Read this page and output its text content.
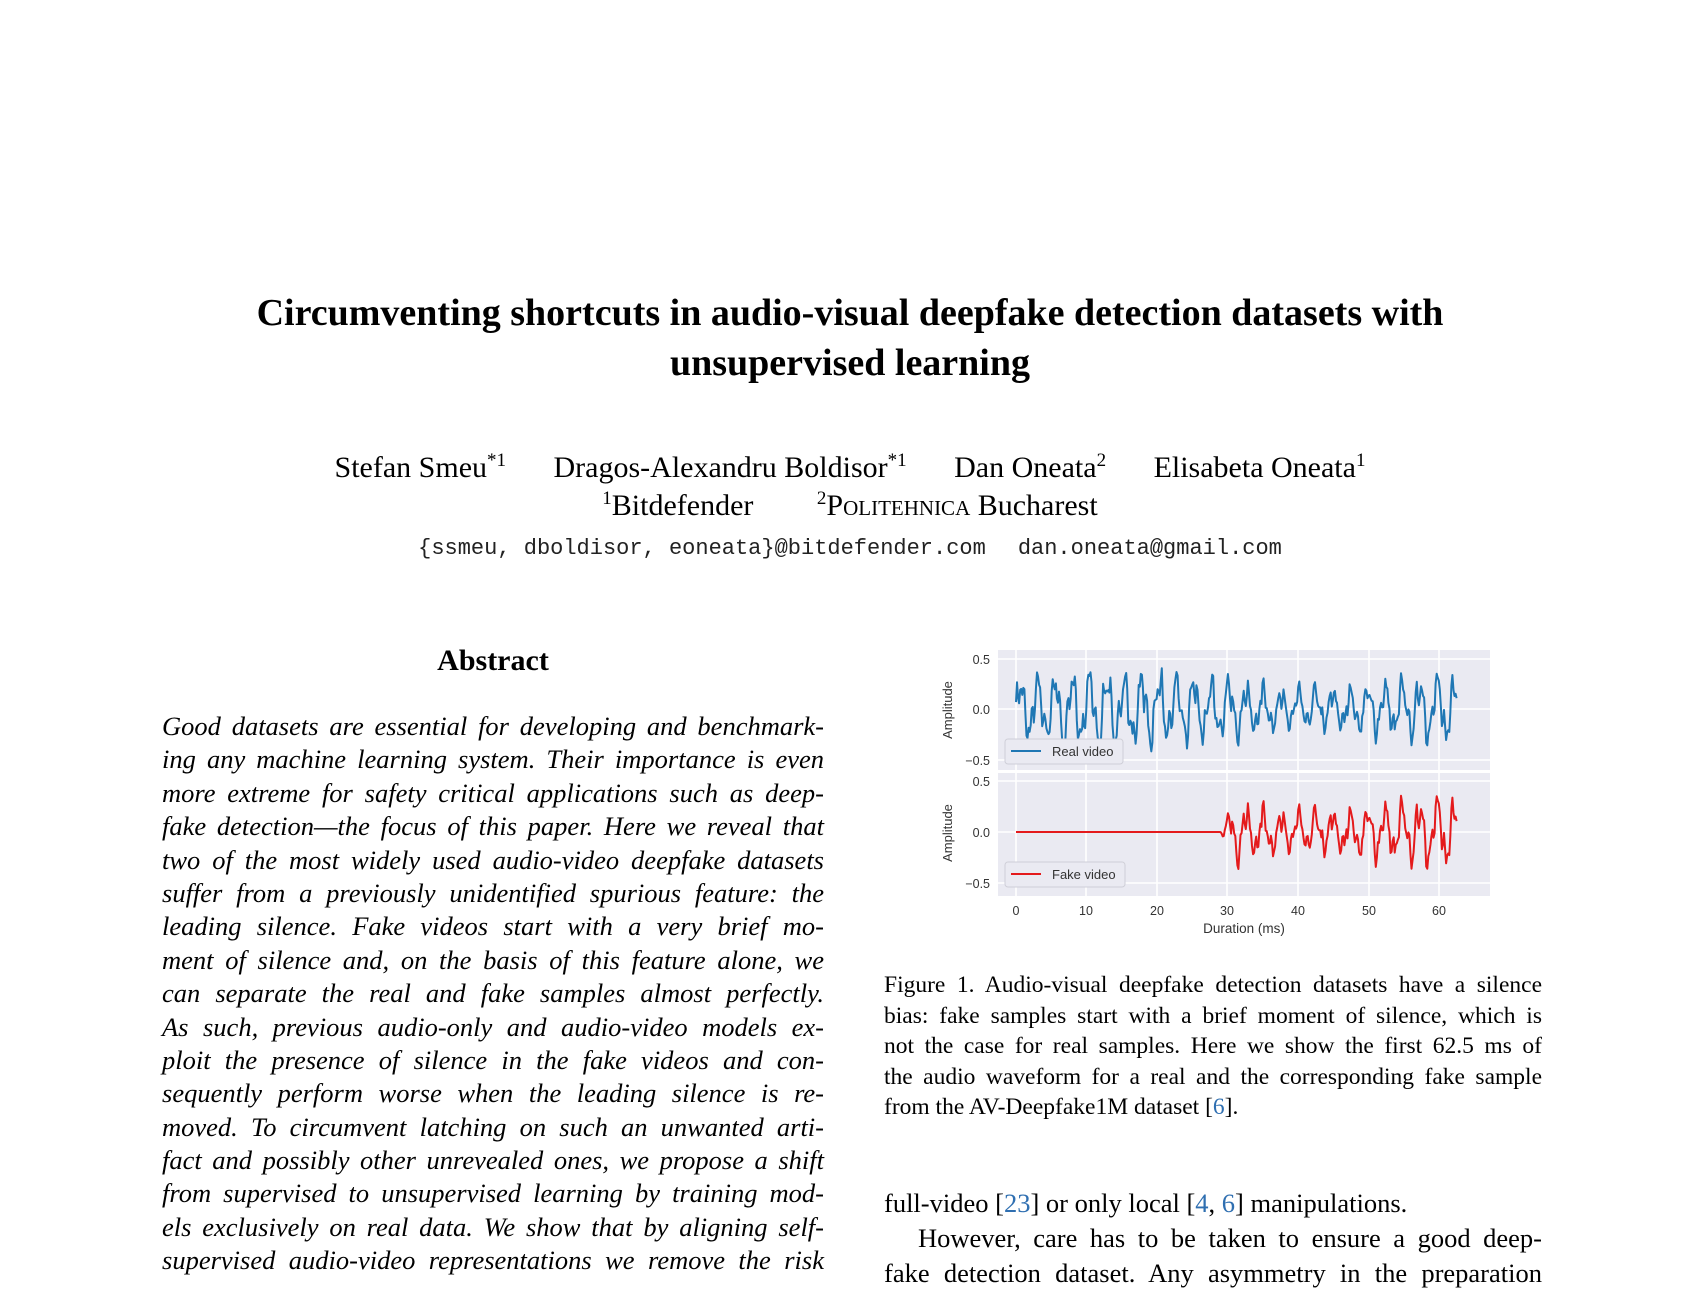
Circumventing shortcuts in audio-visual deepfake detection datasets with
unsupervised learning
Stefan Smeu$^{*1}$ Dragos-Alexandru Boldisor$^{*1}$ Dan Oneata$^2$ Elisabeta Oneata$^1$
$^1$Bitdefender	$^2$Politehnica Bucharest
{ssmeu, dboldisor, eoneata}@bitdefender.com dan.oneata@gmail.com
Abstract
Good datasets are essential for developing and benchmark-
ing any machine learning system. Their importance is even
more extreme for safety critical applications such as deep-
fake detection—the focus of this paper. Here we reveal that
two of the most widely used audio-video deepfake datasets
suffer from a previously unidentified spurious feature: the
leading silence. Fake videos start with a very brief mo-
ment of silence and, on the basis of this feature alone, we
can separate the real and fake samples almost perfectly.
As such, previous audio-only and audio-video models ex-
ploit the presence of silence in the fake videos and con-
sequently perform worse when the leading silence is re-
moved. To circumvent latching on such an unwanted arti-
fact and possibly other unrevealed ones, we propose a shift
from supervised to unsupervised learning by training mod-
els exclusively on real data. We show that by aligning self-
supervised audio-video representations we remove the risk
Real video
Fake video
0.5
0.0
−0.5
0.5
0.0
−0.5
Amplitude
Amplitude
0	10	20	30	40	50	60
Duration (ms)
Figure 1. Audio-visual deepfake detection datasets have a silence
bias: fake samples start with a brief moment of silence, which is
not the case for real samples. Here we show the first 62.5 ms of
the audio waveform for a real and the corresponding fake sample
from the AV-Deepfake1M dataset [6].
full-video [23] or only local [4, 6] manipulations.
However, care has to be taken to ensure a good deep-
fake detection dataset. Any asymmetry in the preparation
